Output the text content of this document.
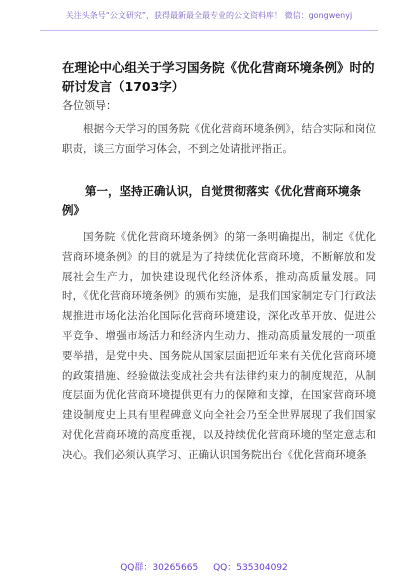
关注头条号“公文研究”，获得最新最全最专业的公文资料库！ 微信：gongwenyj
在理论中心组关于学习国务院《优化营商环境条例》时的研讨发言（1703字）
各位领导：

根据今天学习的国务院《优化营商环境条例》，结合实际和岗位职责，谈三方面学习体会，不到之处请批评指正。

第一，坚持正确认识，自觉贯彻落实《优化营商环境条例》

国务院《优化营商环境条例》的第一条明确提出，制定《优化营商环境条例》的目的就是为了持续优化营商环境，不断解放和发展社会生产力，加快建设现代化经济体系，推动高质量发展。同时，《优化营商环境条例》的颁布实施，是我们国家制定专门行政法规推进市场化法治化国际化营商环境建设，深化改革开放、促进公平竞争、增强市场活力和经济内生动力、推动高质量发展的一项重要举措，是党中央、国务院从国家层面把近年来有关优化营商环境的政策措施、经验做法变成社会共有法律约束力的制度规范，从制度层面为优化营商环境提供更有力的保障和支撑，在国家营商环境建设制度史上具有里程碑意义向全社会乃至全世界展现了我们国家对优化营商环境的高度重视，以及持续优化营商环境的坚定意志和决心。我们必须认真学习、正确认识国务院出台《优化营商环境条

QQ群：30265665 QQ：535304092
